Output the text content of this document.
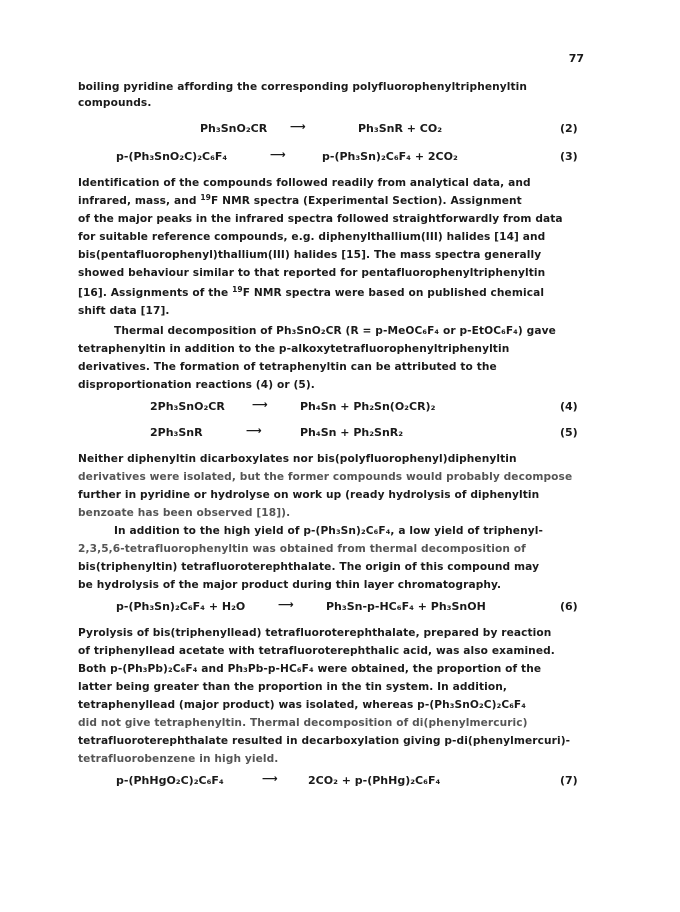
77
boiling pyridine affording the corresponding polyfluorophenyltriphenyltin
compounds.
Ph₃SnO₂CR ⟶	Ph₃SnR + CO₂	(2)
p-(Ph₃SnO₂C)₂C₆F₄	⟶	p-(Ph₃Sn)₂C₆F₄ + 2CO₂	(3)
Identification of the compounds followed readily from analytical data, and
infrared, mass, and $^{19}$F NMR spectra (Experimental Section). Assignment
of the major peaks in the infrared spectra followed straightforwardly from data
for suitable reference compounds, e.g. diphenylthallium(III) halides [14] and
bis(pentafluorophenyl)thallium(III) halides [15]. The mass spectra generally
showed behaviour similar to that reported for pentafluorophenyltriphenyltin
[16]. Assignments of the $^{19}$F NMR spectra were based on published chemical
shift data [17].
Thermal decomposition of Ph₃SnO₂CR (R = p-MeOC₆F₄ or p-EtOC₆F₄) gave
tetraphenyltin in addition to the p-alkoxytetrafluorophenyltriphenyltin
derivatives. The formation of tetraphenyltin can be attributed to the
disproportionation reactions (4) or (5).
2Ph₃SnO₂CR ⟶	Ph₄Sn + Ph₂Sn(O₂CR)₂	(4)
2Ph₃SnR	⟶	Ph₄Sn + Ph₂SnR₂	(5)
Neither diphenyltin dicarboxylates nor bis(polyfluorophenyl)diphenyltin
derivatives were isolated, but the former compounds would probably decompose
further in pyridine or hydrolyse on work up (ready hydrolysis of diphenyltin
benzoate has been observed [18]).
In addition to the high yield of p-(Ph₃Sn)₂C₆F₄, a low yield of triphenyl-
2,3,5,6-tetrafluorophenyltin was obtained from thermal decomposition of
bis(triphenyltin) tetrafluoroterephthalate. The origin of this compound may
be hydrolysis of the major product during thin layer chromatography.
p-(Ph₃Sn)₂C₆F₄ + H₂O	⟶	Ph₃Sn-p-HC₆F₄ + Ph₃SnOH	(6)
Pyrolysis of bis(triphenyllead) tetrafluoroterephthalate, prepared by reaction
of triphenyllead acetate with tetrafluoroterephthalic acid, was also examined.
Both p-(Ph₃Pb)₂C₆F₄ and Ph₃Pb-p-HC₆F₄ were obtained, the proportion of the
latter being greater than the proportion in the tin system. In addition,
tetraphenyllead (major product) was isolated, whereas p-(Ph₃SnO₂C)₂C₆F₄
did not give tetraphenyltin. Thermal decomposition of di(phenylmercuric)
tetrafluoroterephthalate resulted in decarboxylation giving p-di(phenylmercuri)-
tetrafluorobenzene in high yield.
p-(PhHgO₂C)₂C₆F₄	⟶	2CO₂ + p-(PhHg)₂C₆F₄	(7)
